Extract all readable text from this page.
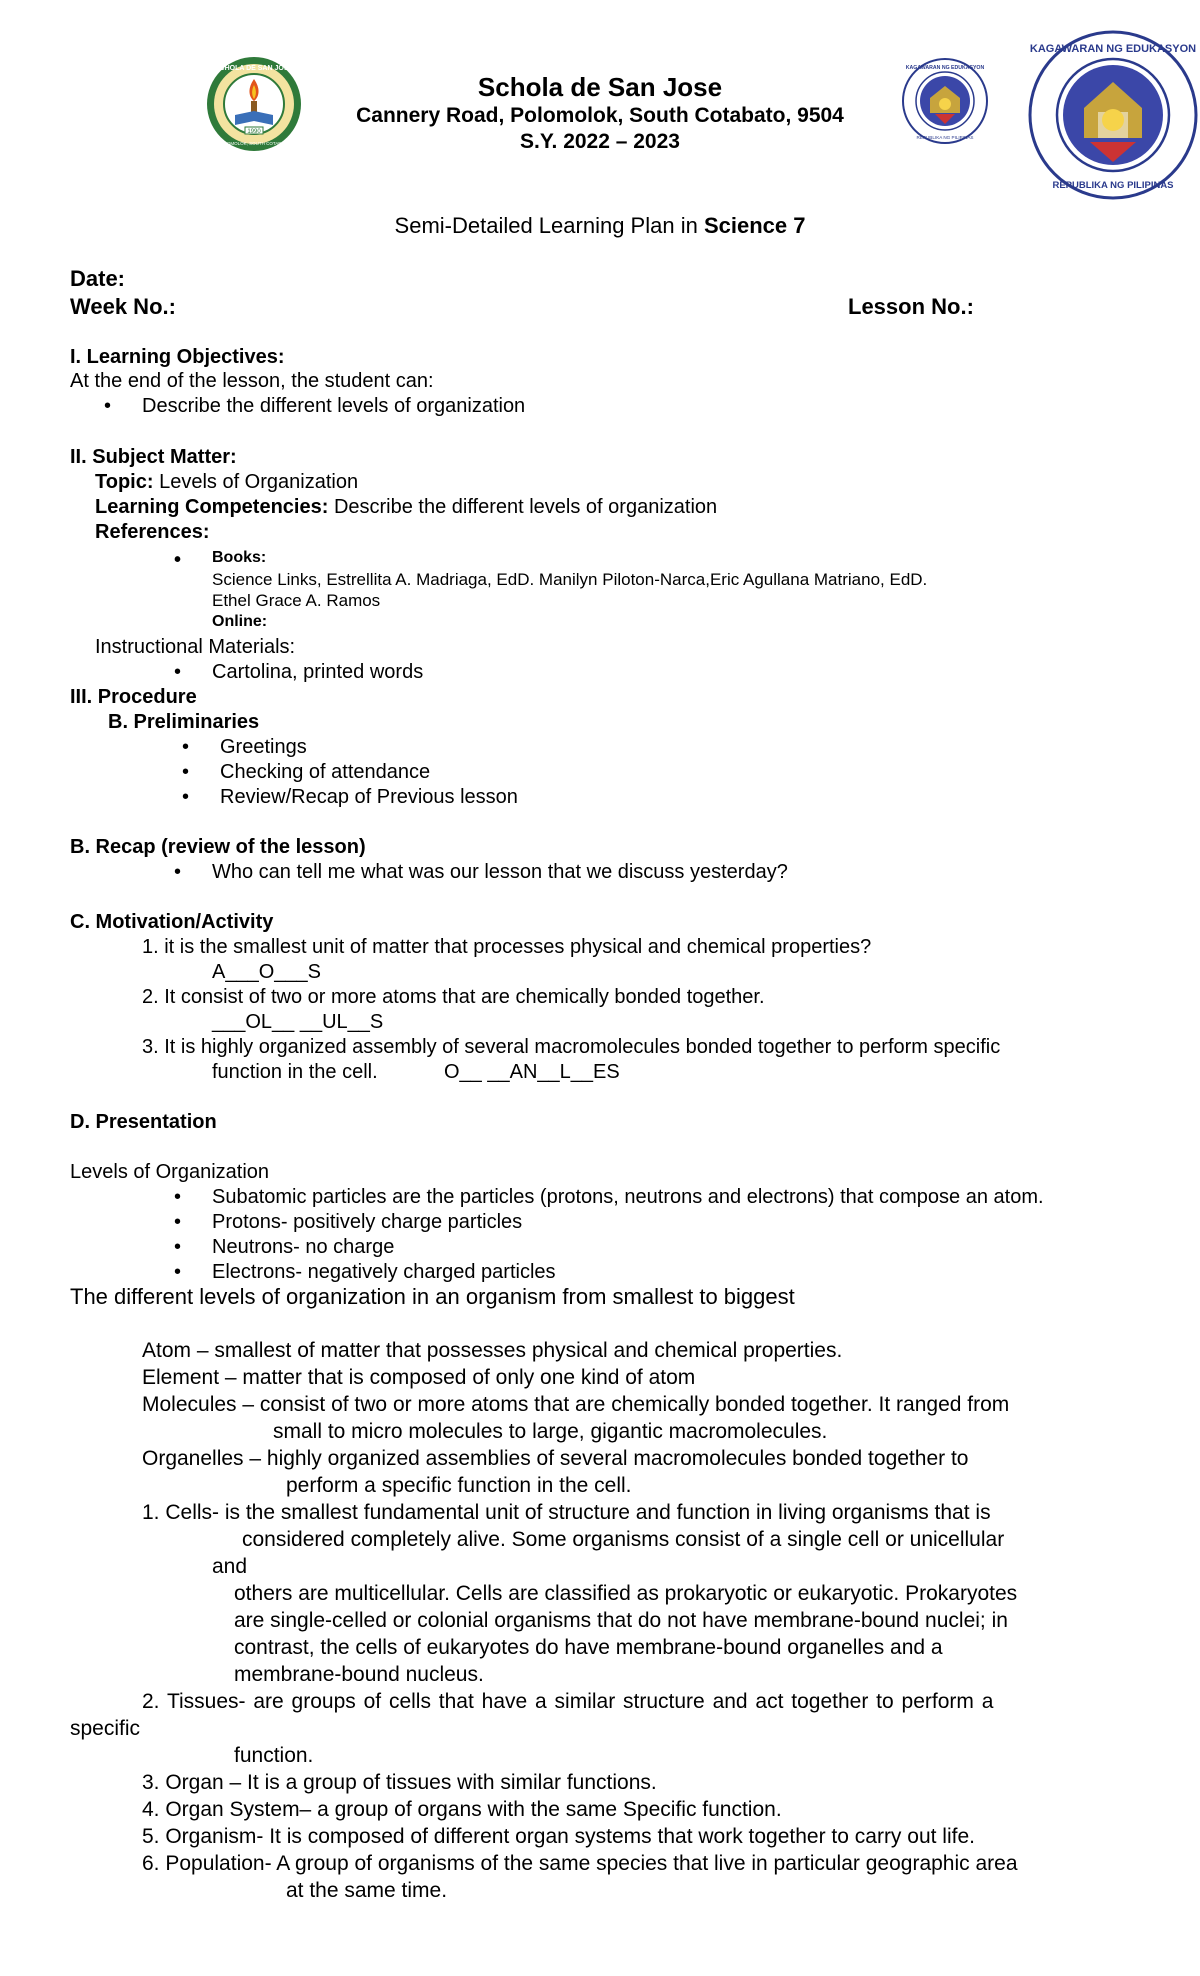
1990
SCHOLA DE SAN JOSE
POLOMOLOK, SOUTH COTABATO
KAGAWARAN NG EDUKASYON
REPUBLIKA NG PILIPINAS
KAGAWARAN NG EDUKASYON
REPUBLIKA NG PILIPINAS
Schola de San Jose
Cannery Road, Polomolok, South Cotabato, 9504
S.Y. 2022 – 2023
Semi-Detailed Learning Plan in Science 7
Date:
Week No.:	Lesson No.:
I. Learning Objectives:
At the end of the lesson, the student can:
• Describe the different levels of organization
II. Subject Matter:
Topic: Levels of Organization
Learning Competencies: Describe the different levels of organization
References:
• Books:
Science Links, Estrellita A. Madriaga, EdD. Manilyn Piloton-Narca,Eric Agullana Matriano, EdD.
Ethel Grace A. Ramos
Online:
Instructional Materials:
• Cartolina, printed words
III. Procedure
B. Preliminaries
• Greetings
• Checking of attendance
• Review/Recap of Previous lesson
B. Recap (review of the lesson)
• Who can tell me what was our lesson that we discuss yesterday?
C. Motivation/Activity
1. it is the smallest unit of matter that processes physical and chemical properties?
A___O___S
2. It consist of two or more atoms that are chemically bonded together.
___OL__ __UL__S
3. It is highly organized assembly of several macromolecules bonded together to perform specific
function in the cell.	O__ __AN__L__ES
D. Presentation
Levels of Organization
• Subatomic particles are the particles (protons, neutrons and electrons) that compose an atom.
• Protons- positively charge particles
• Neutrons- no charge
• Electrons- negatively charged particles
The different levels of organization in an organism from smallest to biggest
Atom – smallest of matter that possesses physical and chemical properties.
Element – matter that is composed of only one kind of atom
Molecules – consist of two or more atoms that are chemically bonded together. It ranged from
small to micro molecules to large, gigantic macromolecules.
Organelles – highly organized assemblies of several macromolecules bonded together to
perform a specific function in the cell.
1. Cells- is the smallest fundamental unit of structure and function in living organisms that is
considered completely alive. Some organisms consist of a single cell or unicellular
and
others are multicellular. Cells are classified as prokaryotic or eukaryotic. Prokaryotes
are single-celled or colonial organisms that do not have membrane-bound nuclei; in
contrast, the cells of eukaryotes do have membrane-bound organelles and a
membrane-bound nucleus.
2. Tissues- are groups of cells that have a similar structure and act together to perform a
specific
function.
3. Organ – It is a group of tissues with similar functions.
4. Organ System– a group of organs with the same Specific function.
5. Organism- It is composed of different organ systems that work together to carry out life.
6. Population- A group of organisms of the same species that live in particular geographic area
at the same time.
